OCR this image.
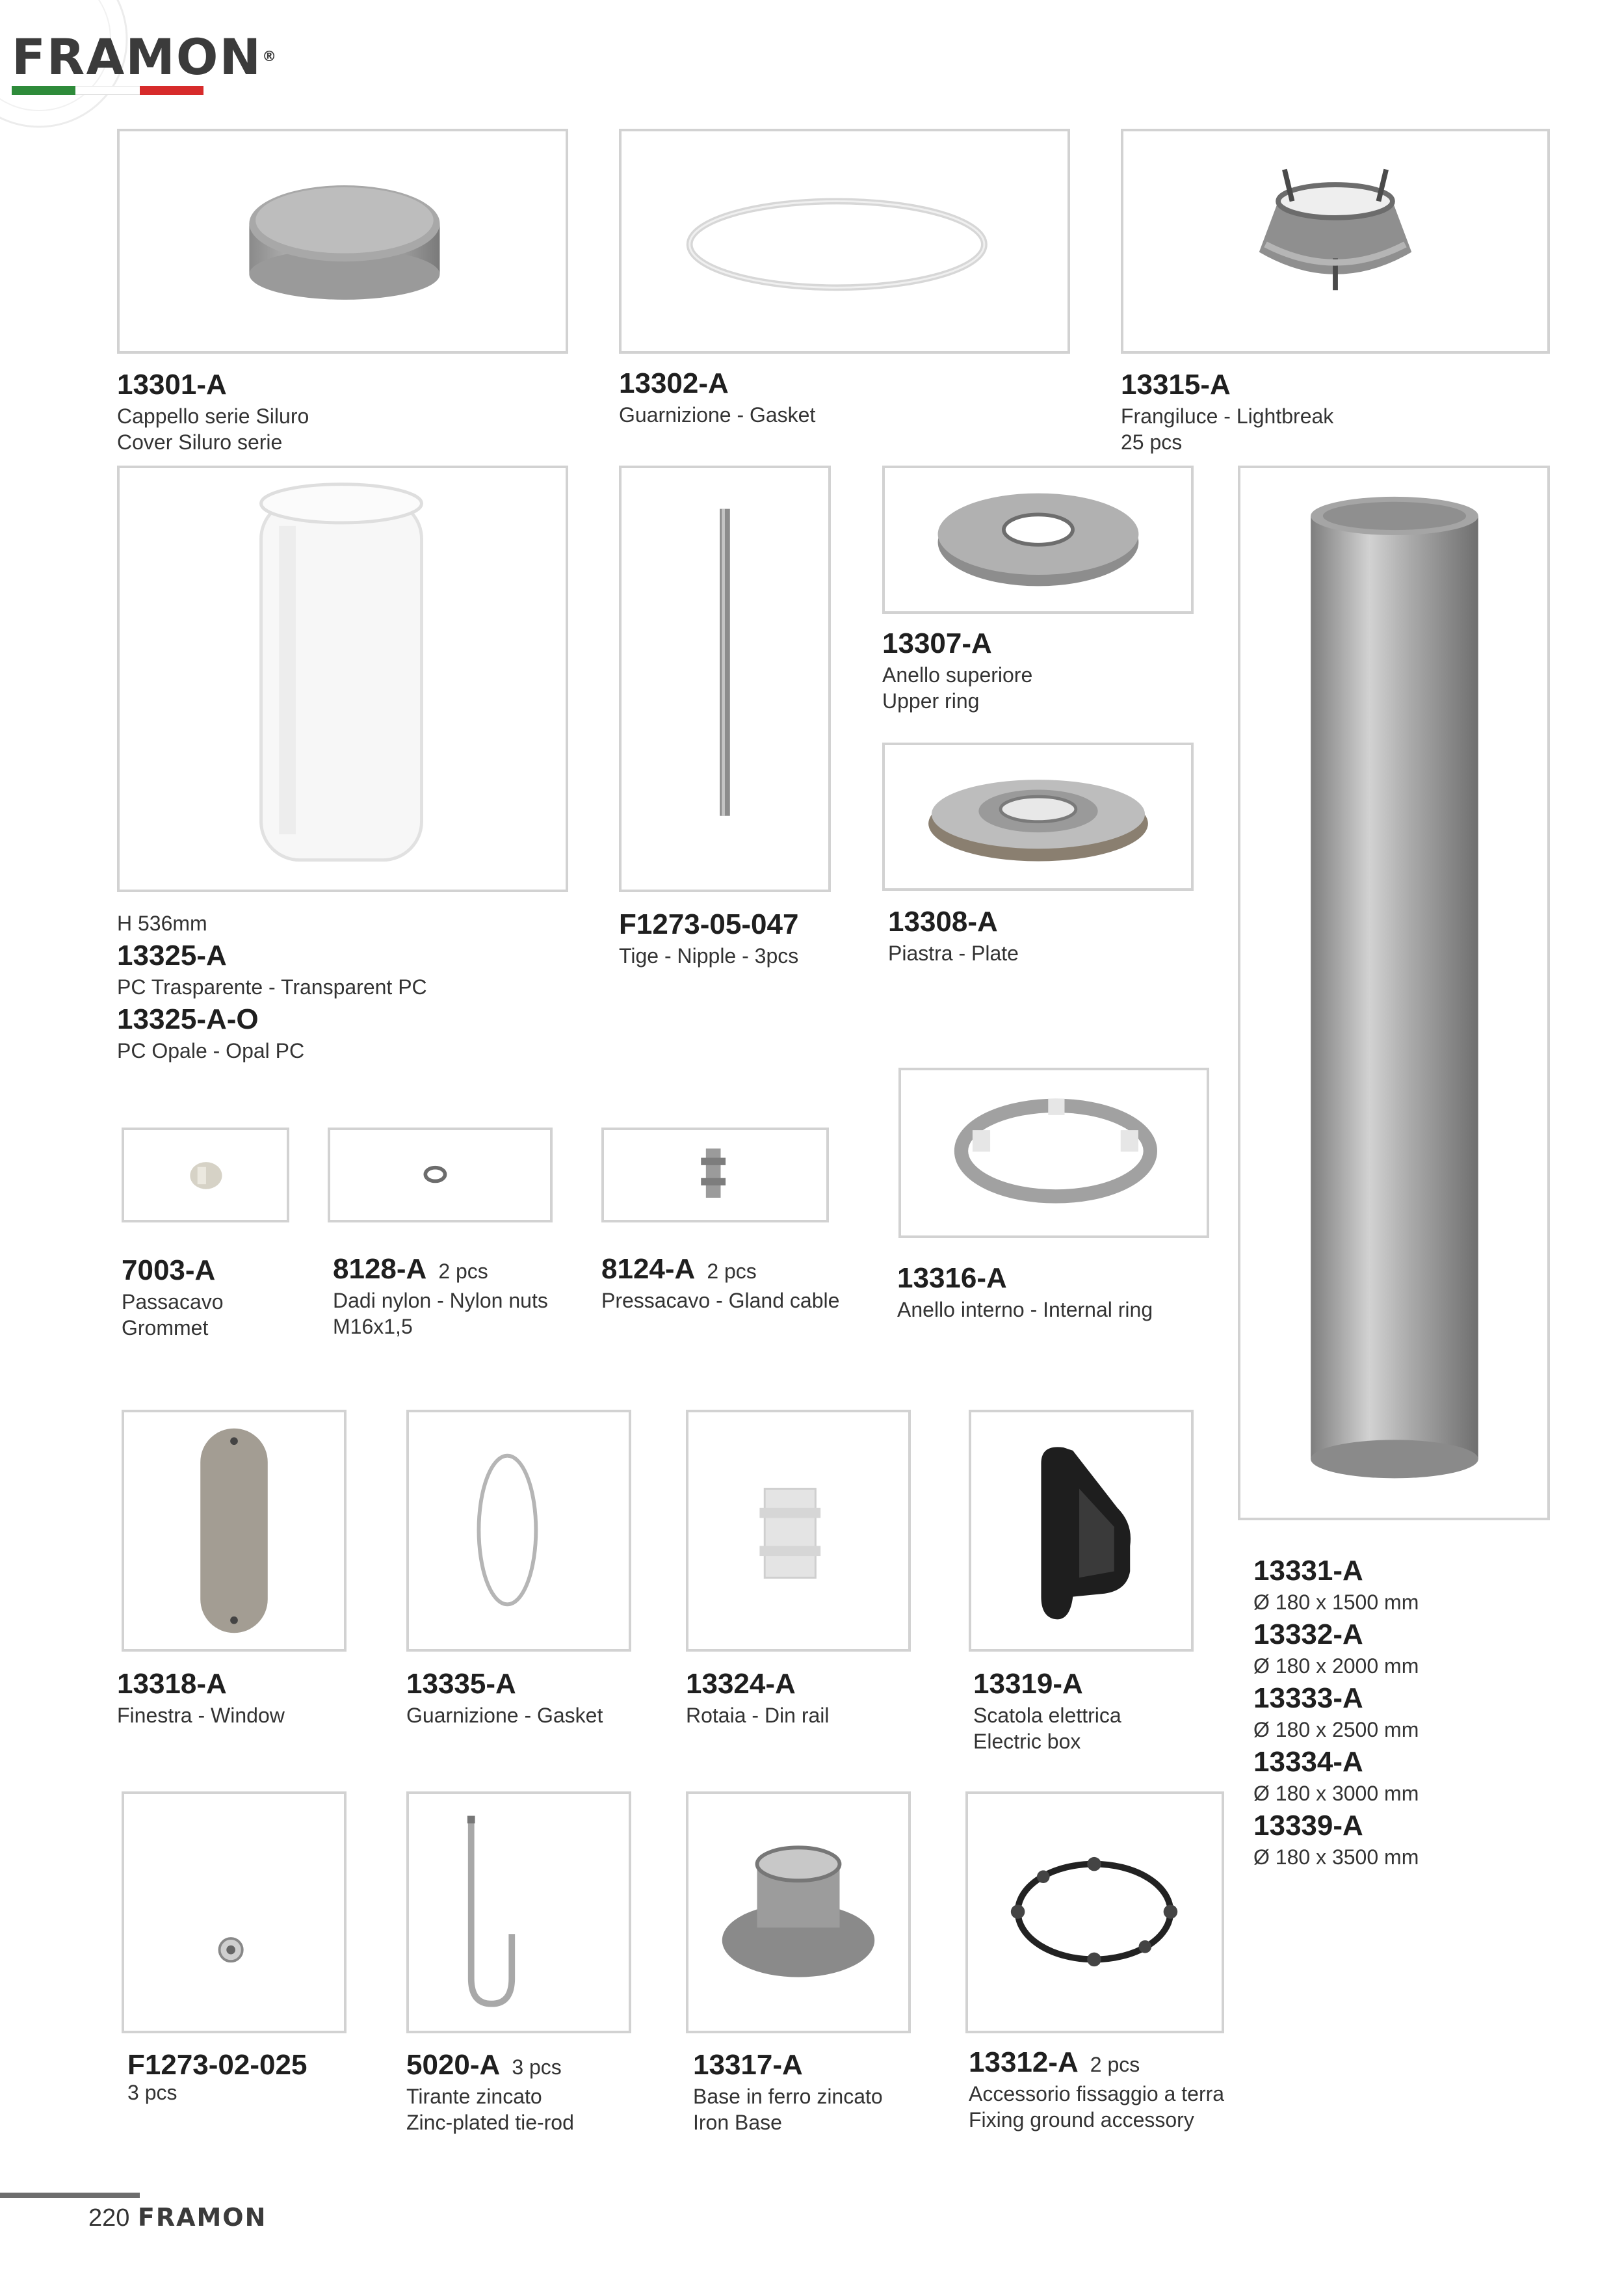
FRAMON®
13301-A
Cappello serie Siluro
Cover Siluro serie
13302-A
Guarnizione - Gasket
13315-A
Frangiluce - Lightbreak
25 pcs
13307-A
Anello superiore
Upper ring
13308-A
Piastra - Plate
H 536mm
13325-A
PC Trasparente - Transparent PC
13325-A-O
PC Opale - Opal PC
F1273-05-047
Tige - Nipple - 3pcs
7003-A
Passacavo
Grommet
8128-A 2 pcs
Dadi nylon - Nylon nuts
M16x1,5
8124-A 2 pcs
Pressacavo - Gland cable
13316-A
Anello interno - Internal ring
13318-A
Finestra - Window
13335-A
Guarnizione - Gasket
13324-A
Rotaia - Din rail
13319-A
Scatola elettrica
Electric box
13331-A
Ø 180 x 1500 mm
13332-A
Ø 180 x 2000 mm
13333-A
Ø 180 x 2500 mm
13334-A
Ø 180 x 3000 mm
13339-A
Ø 180 x 3500 mm
F1273-02-025
3 pcs
5020-A 3 pcs
Tirante zincato
Zinc-plated tie-rod
13317-A
Base in ferro zincato
Iron Base
13312-A 2 pcs
Accessorio fissaggio a terra
Fixing ground accessory
220 FRAMON
